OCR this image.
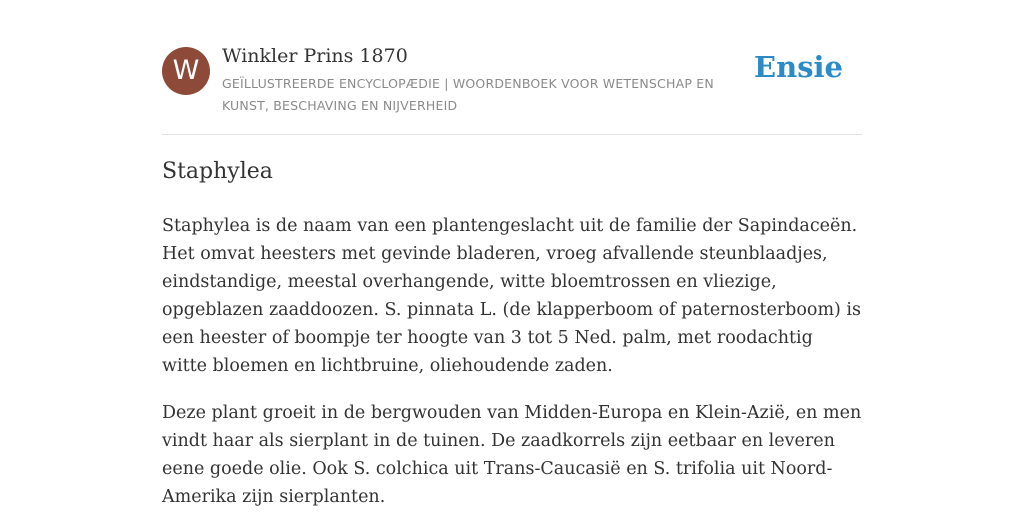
W	Winkler Prins 1870
GEÏLLUSTREERDE ENCYCLOPÆDIE | WOORDENBOEK VOOR WETENSCHAP EN KUNST, BESCHAVING EN NIJVERHEID
Ensie
Staphylea

Staphylea is de naam van een plantengeslacht uit de familie der Sapindaceën. Het omvat heesters met gevinde bladeren, vroeg afvallende steunblaadjes, eindstandige, meestal overhangende, witte bloemtrossen en vliezige, opgeblazen zaaddoozen. S. pinnata L. (de klapperboom of paternosterboom) is een heester of boompje ter hoogte van 3 tot 5 Ned. palm, met roodachtig witte bloemen en lichtbruine, oliehoudende zaden.

Deze plant groeit in de bergwouden van Midden-Europa en Klein-Azië, en men vindt haar als sierplant in de tuinen. De zaadkorrels zijn eetbaar en leveren eene goede olie. Ook S. colchica uit Trans-Caucasië en S. trifolia uit Noord-Amerika zijn sierplanten.
